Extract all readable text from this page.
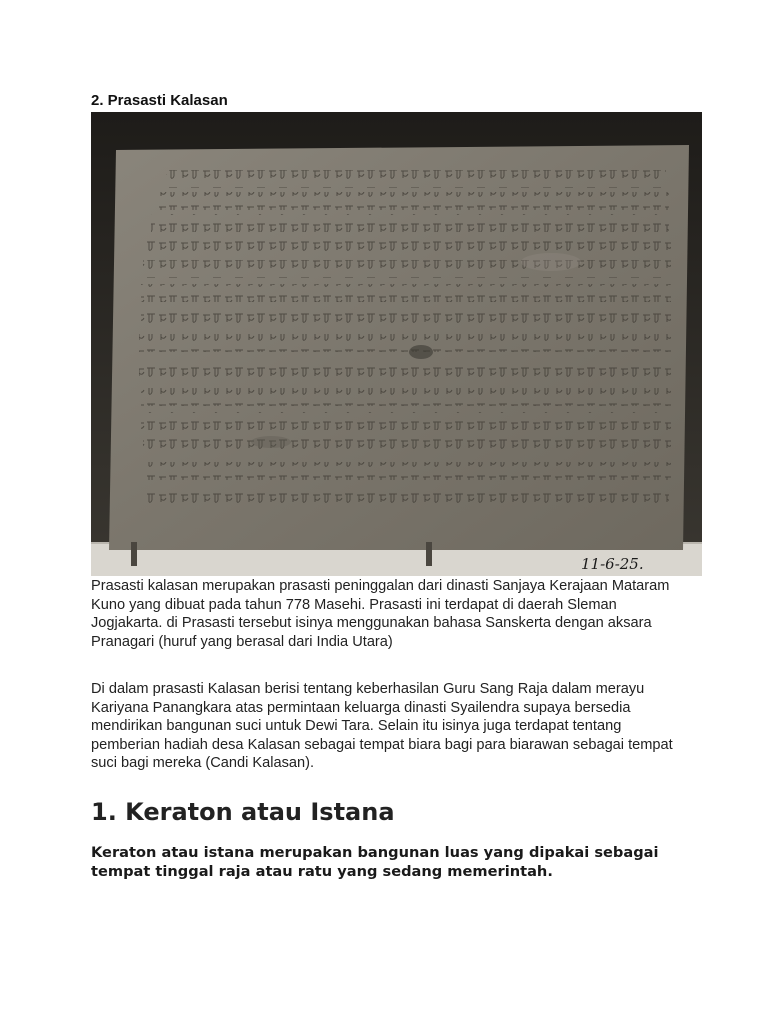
2. Prasasti Kalasan
11-6-25.

Prasasti kalasan merupakan prasasti peninggalan dari dinasti Sanjaya Kerajaan Mataram Kuno yang dibuat pada tahun 778 Masehi. Prasasti ini terdapat di daerah Sleman Jogjakarta. di Prasasti tersebut isinya menggunakan bahasa Sanskerta dengan aksara Pranagari (huruf yang berasal dari India Utara)

Di dalam prasasti Kalasan berisi tentang keberhasilan Guru Sang Raja dalam merayu Kariyana Panangkara atas permintaan keluarga dinasti Syailendra supaya bersedia mendirikan bangunan suci untuk Dewi Tara. Selain itu isinya juga terdapat tentang pemberian hadiah desa Kalasan sebagai tempat biara bagi para biarawan sebagai tempat suci bagi mereka (Candi Kalasan).

1. Keraton atau Istana

Keraton atau istana merupakan bangunan luas yang dipakai sebagai tempat tinggal raja atau ratu yang sedang memerintah.
